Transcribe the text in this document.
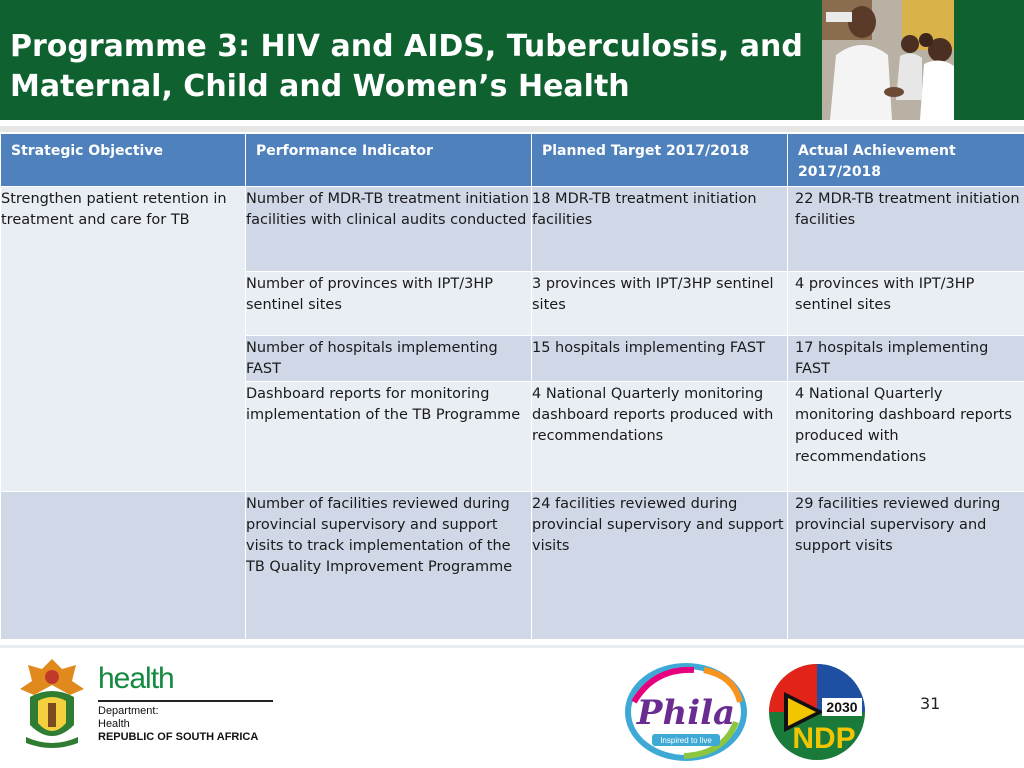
Programme 3: HIV and AIDS, Tuberculosis, and
Maternal, Child and Women’s Health
Strategic Objective	Performance Indicator	Planned Target 2017/2018	Actual Achievement 2017/2018
Strengthen patient retention in treatment and care for TB	Number of MDR-TB treatment initiation facilities with clinical audits conducted	18 MDR-TB treatment initiation facilities	22 MDR-TB treatment initiation facilities
	Number of provinces with IPT/3HP sentinel sites	3 provinces with IPT/3HP sentinel sites	4 provinces with IPT/3HP sentinel sites
	Number of hospitals implementing FAST	15 hospitals implementing FAST	17 hospitals implementing FAST
	Dashboard reports for monitoring implementation of the TB Programme	4 National Quarterly monitoring dashboard reports produced with recommendations	4 National Quarterly monitoring dashboard reports produced with recommendations
	Number of facilities reviewed during provincial supervisory and support visits to track implementation of the TB Quality Improvement Programme	24 facilities reviewed during provincial supervisory and support visits	29 facilities reviewed during provincial supervisory and support visits
health
Department:
Health
REPUBLIC OF SOUTH AFRICA
Phila
Inspired to live
2030
NDP
31
